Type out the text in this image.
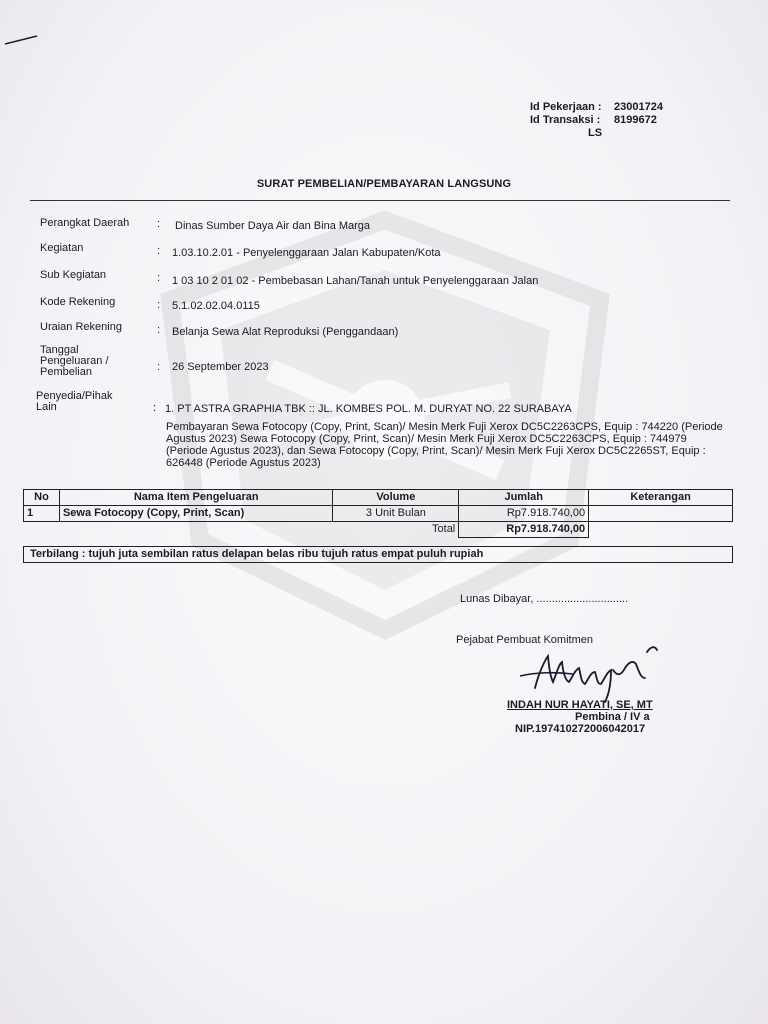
Id Pekerjaan :	23001724
Id Transaksi :	8199672
LS
SURAT PEMBELIAN/PEMBAYARAN LANGSUNG
Perangkat Daerah	: Dinas Sumber Daya Air dan Bina Marga
Kegiatan	: 1.03.10.2.01 - Penyelenggaraan Jalan Kabupaten/Kota
Sub Kegiatan	: 1 03 10 2 01 02 - Pembebasan Lahan/Tanah untuk Penyelenggaraan Jalan
Kode Rekening	: 5.1.02.02.04.0115
Uraian Rekening	: Belanja Sewa Alat Reproduksi (Penggandaan)
Tanggal
Pengeluaran /
Pembelian	: 26 September 2023
Penyedia/Pihak
Lain	: 1. PT ASTRA GRAPHIA TBK :: JL. KOMBES POL. M. DURYAT NO. 22 SURABAYA
Pembayaran Sewa Fotocopy (Copy, Print, Scan)/ Mesin Merk Fuji Xerox DC5C2263CPS, Equip : 744220 (Periode Agustus 2023) Sewa Fotocopy (Copy, Print, Scan)/ Mesin Merk Fuji Xerox DC5C2263CPS, Equip : 744979 (Periode Agustus 2023), dan Sewa Fotocopy (Copy, Print, Scan)/ Mesin Merk Fuji Xerox DC5C2265ST, Equip : 626448 (Periode Agustus 2023)
No	Nama Item Pengeluaran	Volume	Jumlah	Keterangan
1	Sewa Fotocopy (Copy, Print, Scan)	3 Unit Bulan	Rp7.918.740,00	
Total			Rp7.918.740,00	
Terbilang : tujuh juta sembilan ratus delapan belas ribu tujuh ratus empat puluh rupiah
Lunas Dibayar, ..............................
Pejabat Pembuat Komitmen
INDAH NUR HAYATI, SE, MT
Pembina / IV a
NIP.197410272006042017
